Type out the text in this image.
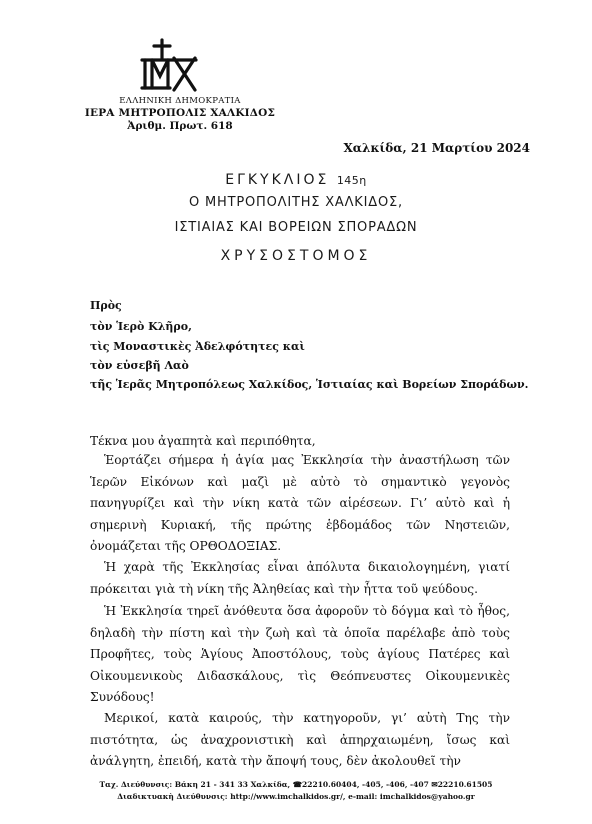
ΕΛΛΗΝΙΚΗ ΔΗΜΟΚΡΑΤΙΑ
ΙΕΡΑ ΜΗΤΡΟΠΟΛΙΣ ΧΑΛΚΙΔΟΣ
Ἀριθμ. Πρωτ. 618
Χαλκίδα, 21 Μαρτίου 2024
ΕΓΚΥΚΛΙΟΣ 145η
Ο ΜΗΤΡΟΠΟΛΙΤΗΣ ΧΑΛΚΙΔΟΣ,
ΙΣΤΙΑΙΑΣ ΚΑΙ ΒΟΡΕΙΩΝ ΣΠΟΡΑΔΩΝ
ΧΡΥΣΟΣΤΟΜΟΣ
Πρὸς
τὸν Ἱερὸ Κλῆρο,
τὶς Μοναστικὲς Ἀδελφότητες καὶ
τὸν εὐσεβῆ Λαὸ
τῆς Ἱερᾶς Μητροπόλεως Χαλκίδος, Ἱστιαίας καὶ Βορείων Σποράδων.
Τέκνα μου ἀγαπητὰ καὶ περιπόθητα,
Ἑορτάζει σήμερα ἡ ἁγία μας Ἐκκλησία τὴν ἀναστήλωση τῶν Ἱερῶν Εἰκόνων καὶ μαζὶ μὲ αὐτὸ τὸ σημαντικὸ γεγονὸς πανηγυρίζει καὶ τὴν νίκη κατὰ τῶν αἱρέσεων. Γι’ αὐτὸ καὶ ἡ σημερινὴ Κυριακή, τῆς πρώτης ἑβδομάδος τῶν Νηστειῶν, ὀνομάζεται τῆς ΟΡΘΟΔΟΞΙΑΣ.
Ἡ χαρὰ τῆς Ἐκκλησίας εἶναι ἀπόλυτα δικαιολογημένη, γιατί πρόκειται γιὰ τὴ νίκη τῆς Ἀληθείας καὶ τὴν ἧττα τοῦ ψεύδους.
Ἡ Ἐκκλησία τηρεῖ ἀνόθευτα ὅσα ἀφοροῦν τὸ δόγμα καὶ τὸ ἦθος, δηλαδὴ τὴν πίστη καὶ τὴν ζωὴ καὶ τὰ ὁποῖα παρέλαβε ἀπὸ τοὺς Προφῆτες, τοὺς Ἁγίους Ἀποστόλους, τοὺς ἁγίους Πατέρες καὶ Οἰκουμενικοὺς Διδασκάλους, τὶς Θεόπνευστες Οἰκουμενικὲς Συνόδους!
Μερικοί, κατὰ καιρούς, τὴν κατηγοροῦν, γι’ αὐτὴ Της τὴν πιστότητα, ὡς ἀναχρονιστικὴ καὶ ἀπηρχαιωμένη, ἴσως καὶ ἀνάλγητη, ἐπειδή, κατὰ τὴν ἄποψή τους, δὲν ἀκολουθεῖ τὴν
Ταχ. Διεύθυνσις: Βάκη 21 - 341 33 Χαλκίδα, ☎22210.60404, -405, -406, -407 ✉22210.61505
Διαδικτυακὴ Διεύθυνσις: http://www.imchalkidos.gr/, e-mail: imchalkidos@yahoo.gr
